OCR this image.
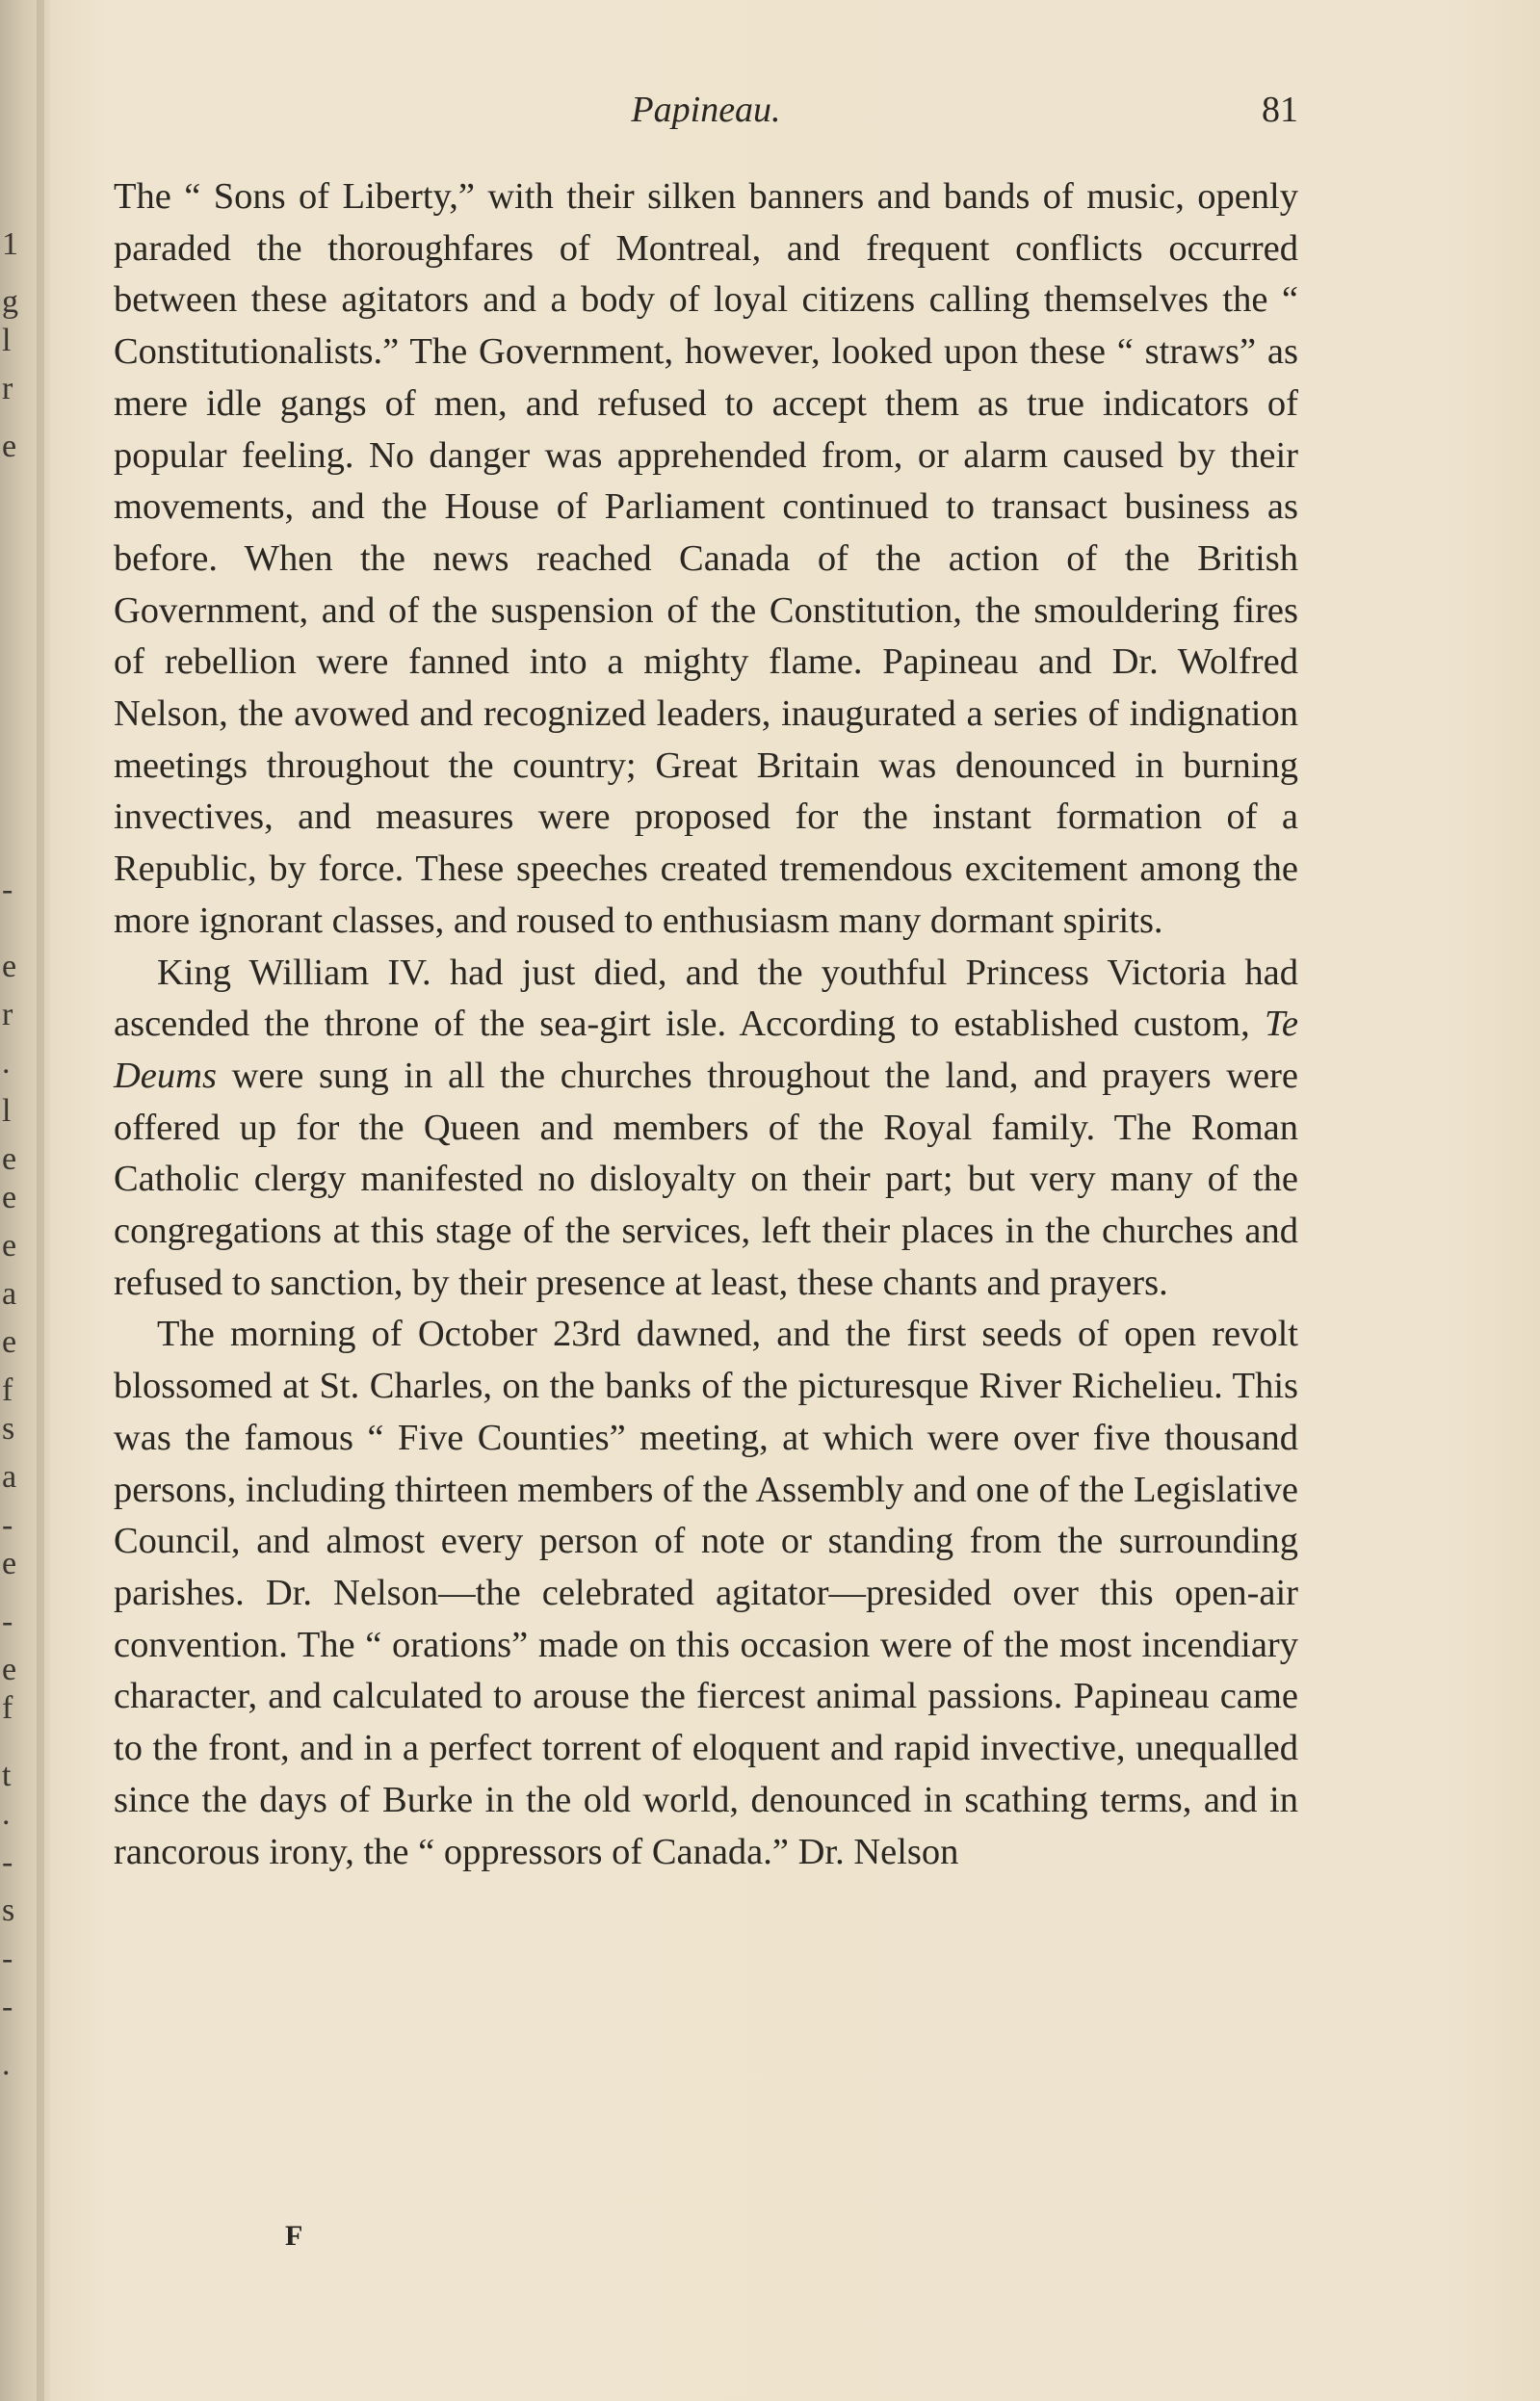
1
g
l
r
e
-
e
r
.
l
e
e
e
a
e
f
s
a
-
e
-
e
f
t
.
-
s
-
-
.
Papineau.	81

The “ Sons of Liberty,” with their silken banners and bands of music, openly paraded the thoroughfares of Montreal, and frequent conflicts occurred between these agitators and a body of loyal citizens calling themselves the “ Constitutionalists.” The Government, however, looked upon these “ straws” as mere idle gangs of men, and refused to accept them as true indicators of popular feeling. No danger was apprehended from, or alarm caused by their movements, and the House of Parliament continued to transact business as before. When the news reached Canada of the action of the British Government, and of the suspension of the Constitution, the smouldering fires of rebellion were fanned into a mighty flame. Papineau and Dr. Wolfred Nelson, the avowed and recognized leaders, inaugurated a series of indignation meetings throughout the country; Great Britain was denounced in burning invectives, and measures were proposed for the instant formation of a Republic, by force. These speeches created tremendous excitement among the more ignorant classes, and roused to enthusiasm many dormant spirits.

King William IV. had just died, and the youthful Princess Victoria had ascended the throne of the sea-girt isle. According to established custom, Te Deums were sung in all the churches throughout the land, and prayers were offered up for the Queen and members of the Royal family. The Roman Catholic clergy manifested no disloyalty on their part; but very many of the congregations at this stage of the services, left their places in the churches and refused to sanction, by their presence at least, these chants and prayers.

The morning of October 23rd dawned, and the first seeds of open revolt blossomed at St. Charles, on the banks of the picturesque River Richelieu. This was the famous “ Five Counties” meeting, at which were over five thousand persons, including thirteen members of the Assembly and one of the Legislative Council, and almost every person of note or standing from the surrounding parishes. Dr. Nelson—the celebrated agitator—presided over this open-air convention. The “ orations” made on this occasion were of the most incendiary character, and calculated to arouse the fiercest animal passions. Papineau came to the front, and in a perfect torrent of eloquent and rapid invective, unequalled since the days of Burke in the old world, denounced in scathing terms, and in rancorous irony, the “ oppressors of Canada.” Dr. Nelson

F
